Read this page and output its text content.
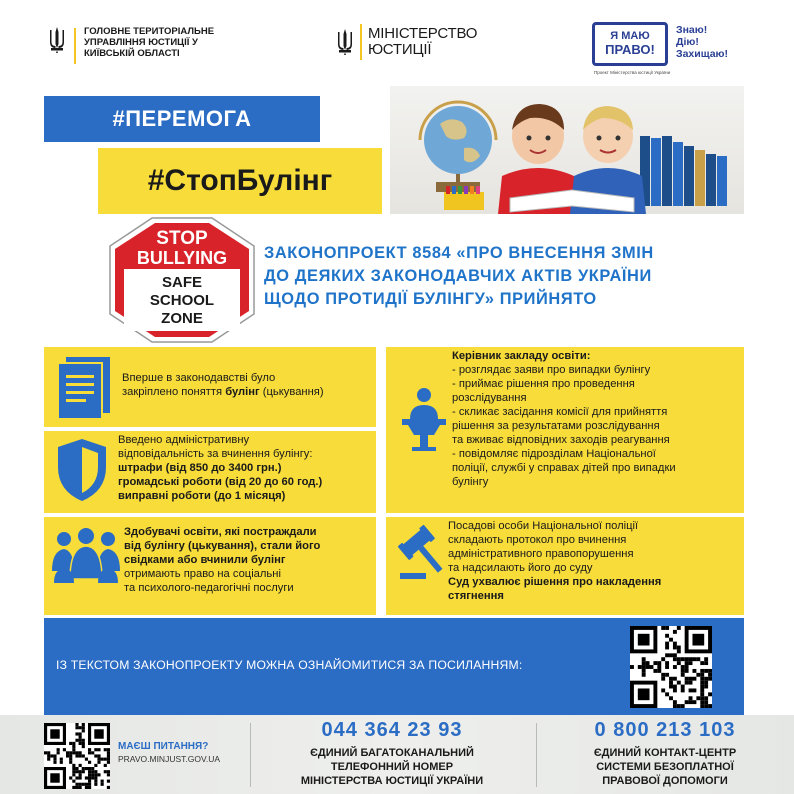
ГОЛОВНЕ ТЕРИТОРІАЛЬНЕ УПРАВЛІННЯ ЮСТИЦІЇ У КИЇВСЬКІЙ ОБЛАСТІ
МІНІСТЕРСТВО
ЮСТИЦІЇ
Я МАЮ
ПРАВО!
Знаю!
Дію!
Захищаю!
Проект Міністерства юстиції України
#ПЕРЕМОГА
#СтопБулінг
STOP
BULLYING
SAFE
SCHOOL
ZONE
ЗАКОНОПРОЕКТ 8584 «ПРО ВНЕСЕННЯ ЗМІН
ДО ДЕЯКИХ ЗАКОНОДАВЧИХ АКТІВ УКРАЇНИ
ЩОДО ПРОТИДІЇ БУЛІНГУ» ПРИЙНЯТО
Вперше в законодавстві було
закріплено поняття булінг (цькування)
Введено адміністративну
відповідальність за вчинення булінгу:
штрафи (від 850 до 3400 грн.)
громадські роботи (від 20 до 60 год.)
виправні роботи (до 1 місяця)
Здобувачі освіти, які постраждали
від булінгу (цькування), стали його
свідками або вчинили булінг
отримають право на соціальні
та психолого-педагогічні послуги
Керівник закладу освіти:
- розглядає заяви про випадки булінгу
- приймає рішення про проведення
розслідування
- скликає засідання комісії для прийняття
рішення за результатами розслідування
та вживає відповідних заходів реагування
- повідомляє підрозділам Національної
поліції, службі у справах дітей про випадки
булінгу
Посадові особи Національної поліції
складають протокол про вчинення
адміністративного правопорушення
та надсилають його до суду
Суд ухвалює рішення про накладення
стягнення
ІЗ ТЕКСТОМ ЗАКОНОПРОЕКТУ МОЖНА ОЗНАЙОМИТИСЯ ЗА ПОСИЛАННЯМ:
МАЄШ ПИТАННЯ?
PRAVO.MINJUST.GOV.UA
044 364 23 93
ЄДИНИЙ БАГАТОКАНАЛЬНИЙ
ТЕЛЕФОННИЙ НОМЕР
МІНІСТЕРСТВА ЮСТИЦІЇ УКРАЇНИ
0 800 213 103
ЄДИНИЙ КОНТАКТ-ЦЕНТР
СИСТЕМИ БЕЗОПЛАТНОЇ
ПРАВОВОЇ ДОПОМОГИ
